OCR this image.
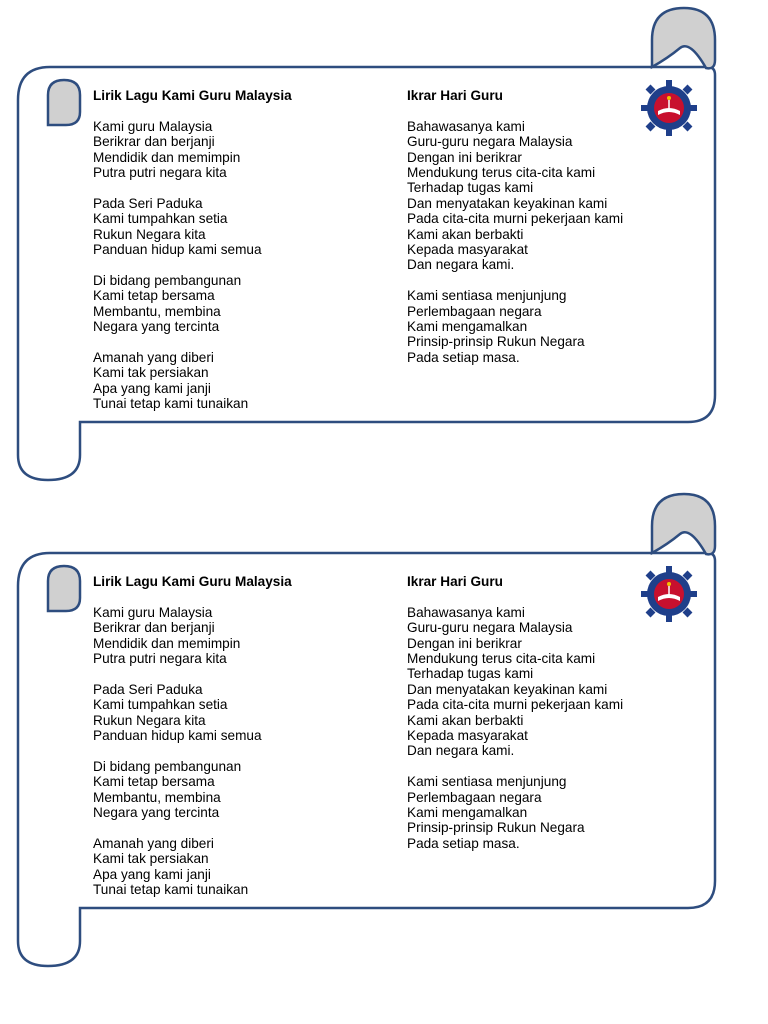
Lirik Lagu Kami Guru Malaysia
Kami guru Malaysia
Berikrar dan berjanji
Mendidik dan memimpin
Putra putri negara kita
Pada Seri Paduka
Kami tumpahkan setia
Rukun Negara kita
Panduan hidup kami semua
Di bidang pembangunan
Kami tetap bersama
Membantu, membina
Negara yang tercinta
Amanah yang diberi
Kami tak persiakan
Apa yang kami janji
Tunai tetap kami tunaikan
Ikrar Hari Guru
Bahawasanya kami
Guru-guru negara Malaysia
Dengan ini berikrar
Mendukung terus cita-cita kami
Terhadap tugas kami
Dan menyatakan keyakinan kami
Pada cita-cita murni pekerjaan kami
Kami akan berbakti
Kepada masyarakat
Dan negara kami.
Kami sentiasa menjunjung
Perlembagaan negara
Kami mengamalkan
Prinsip-prinsip Rukun Negara
Pada setiap masa.
Lirik Lagu Kami Guru Malaysia
Kami guru Malaysia
Berikrar dan berjanji
Mendidik dan memimpin
Putra putri negara kita
Pada Seri Paduka
Kami tumpahkan setia
Rukun Negara kita
Panduan hidup kami semua
Di bidang pembangunan
Kami tetap bersama
Membantu, membina
Negara yang tercinta
Amanah yang diberi
Kami tak persiakan
Apa yang kami janji
Tunai tetap kami tunaikan
Ikrar Hari Guru
Bahawasanya kami
Guru-guru negara Malaysia
Dengan ini berikrar
Mendukung terus cita-cita kami
Terhadap tugas kami
Dan menyatakan keyakinan kami
Pada cita-cita murni pekerjaan kami
Kami akan berbakti
Kepada masyarakat
Dan negara kami.
Kami sentiasa menjunjung
Perlembagaan negara
Kami mengamalkan
Prinsip-prinsip Rukun Negara
Pada setiap masa.
